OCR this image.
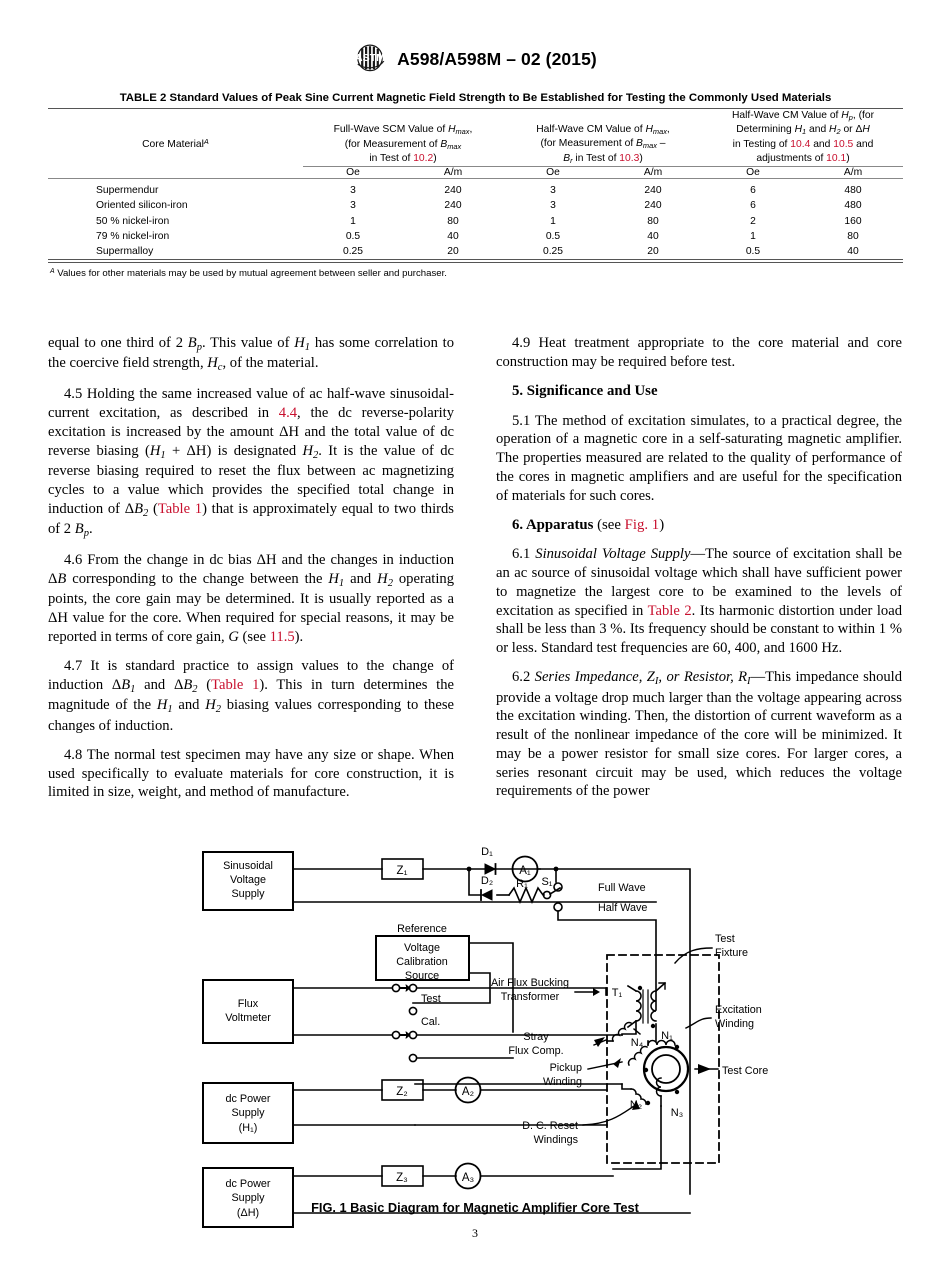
ASTM A598/A598M – 02 (2015)
TABLE 2 Standard Values of Peak Sine Current Magnetic Field Strength to Be Established for Testing the Commonly Used Materials
Core Material$^A$	Full-Wave SCM Value of $H_{max}$,
(for Measurement of $B_{max}$
in Test of 10.2)		Half-Wave CM Value of $H_{max}$,
(for Measurement of $B_{max}$ –
$B_r$ in Test of 10.3)		Half-Wave CM Value of $H_p$, (for
Determining $H_1$ and $H_2$ or ΔH
in Testing of 10.4 and 10.5 and
adjustments of 10.1)	
	Oe	A/m	Oe	A/m	Oe	A/m

Supermendur	3	240	3	240	6	480
Oriented silicon-iron	3	240	3	240	6	480
50 % nickel-iron	1	80	1	80	2	160
79 % nickel-iron	0.5	40	0.5	40	1	80
Supermalloy	0.25	20	0.25	20	0.5	40
$^A$ Values for other materials may be used by mutual agreement between seller and purchaser.

equal to one third of 2 $B_p$. This value of $H_1$ has some correlation to the coercive field strength, $H_c$, of the material.

4.5 Holding the same increased value of ac half-wave sinusoidal-current excitation, as described in 4.4, the dc reverse-polarity excitation is increased by the amount ΔH and the total value of dc reverse biasing $(H_1 + \Delta H)$ is designated $H_2$. It is the value of dc reverse biasing required to reset the flux between ac magnetizing cycles to a value which provides the specified total change in induction of $\Delta B_2$ (Table 1) that is approximately equal to two thirds of 2 $B_p$.

4.6 From the change in dc bias ΔH and the changes in induction ΔB corresponding to the change between the $H_1$ and $H_2$ operating points, the core gain may be determined. It is usually reported as a ΔH value for the core. When required for special reasons, it may be reported in terms of core gain, G (see 11.5).

4.7 It is standard practice to assign values to the change of induction $\Delta B_1$ and $\Delta B_2$ (Table 1). This in turn determines the magnitude of the $H_1$ and $H_2$ biasing values corresponding to these changes of induction.

4.8 The normal test specimen may have any size or shape. When used specifically to evaluate materials for core construction, it is limited in size, weight, and method of manufacture.

4.9 Heat treatment appropriate to the core material and core construction may be required before test.

5. Significance and Use

5.1 The method of excitation simulates, to a practical degree, the operation of a magnetic core in a self-saturating magnetic amplifier. The properties measured are related to the quality of performance of the cores in magnetic amplifiers and are useful for the specification of materials for such cores.

6. Apparatus (see Fig. 1)

6.1 Sinusoidal Voltage Supply—The source of excitation shall be an ac source of sinusoidal voltage which shall have sufficient power to magnetize the largest core to be examined to the levels of excitation as specified in Table 2. Its harmonic distortion under load shall be less than 3 %. Its frequency should be constant to within 1 % or less. Standard test frequencies are 60, 400, and 1600 Hz.

6.2 Series Impedance, $Z_I$, or Resistor, $R_I—This$ impedance should provide a voltage drop much larger than the voltage appearing across the excitation winding. Then, the distortion of current waveform as a result of the nonlinear impedance of the core will be minimized. It may be a power resistor for small size cores. For larger cores, a series resonant circuit may be used, which reduces the voltage requirements of the power

Sinusoidal
Voltage
Supply
Z₁	A₁
D₁
D₂ R₁ S₁	Full Wave
Half Wave
Reference
Voltage
Calibration
Source
Flux
Voltmeter
Test
Cal.
Air Flux Bucking
Transformer	T₁
Stray
Flux Comp.
Pickup
Winding
D. C. Reset
Windings
Test
Fixture
Excitation
Winding
Test Core
N₁
N₂
N₃
N₄
dc Power
Supply
(H₁)
Z₂	A₂
dc Power
Supply
(ΔH)
Z₃	A₃
FIG. 1 Basic Diagram for Magnetic Amplifier Core Test
3
